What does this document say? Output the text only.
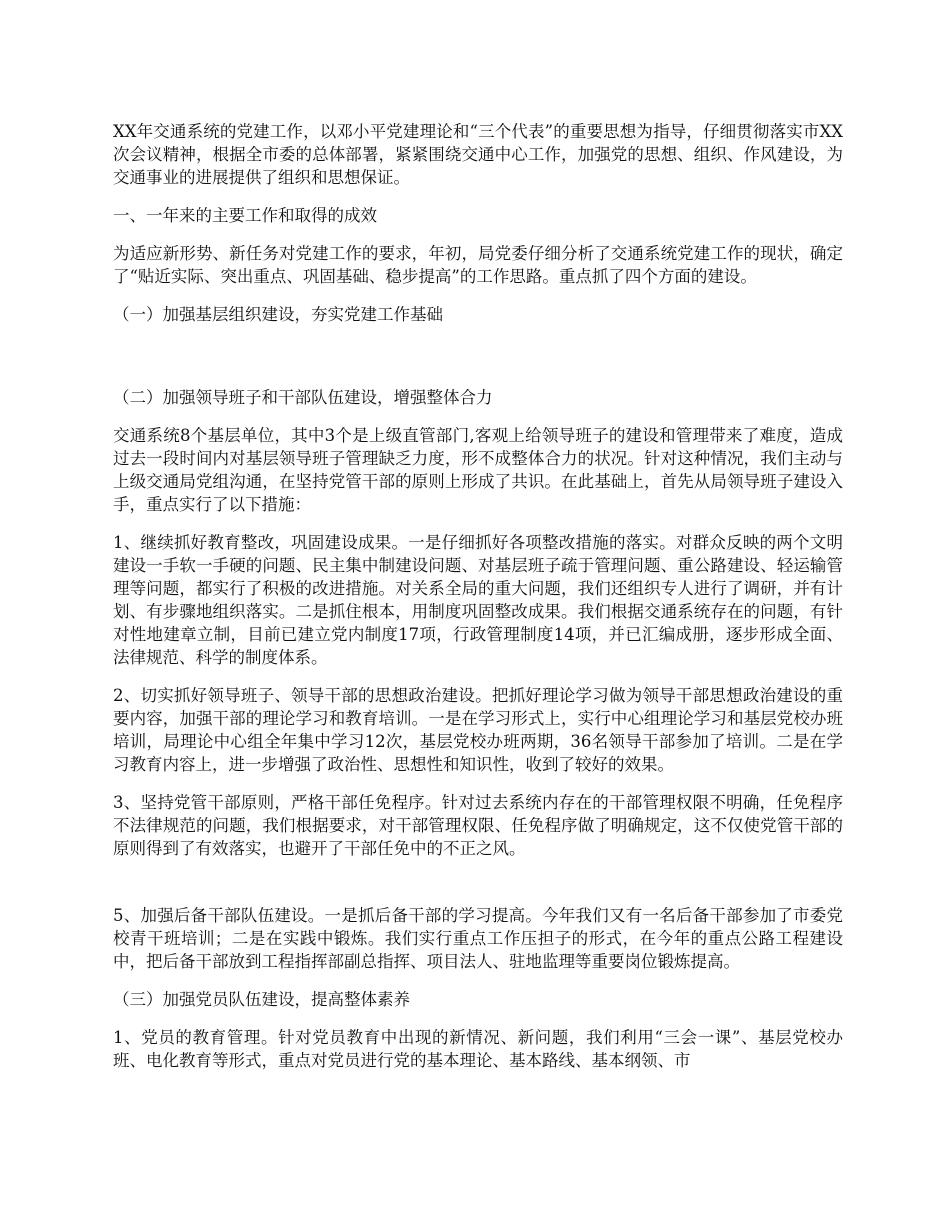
XX年交通系统的党建工作，以邓小平党建理论和“三个代表”的重要思想为指导，仔细贯彻落实市XX次会议精神，根据全市委的总体部署，紧紧围绕交通中心工作，加强党的思想、组织、作风建设，为交通事业的进展提供了组织和思想保证。

一、一年来的主要工作和取得的成效

为适应新形势、新任务对党建工作的要求，年初，局党委仔细分析了交通系统党建工作的现状，确定了“贴近实际、突出重点、巩固基础、稳步提高”的工作思路。重点抓了四个方面的建设。

（一）加强基层组织建设，夯实党建工作基础

（二）加强领导班子和干部队伍建设，增强整体合力

交通系统8个基层单位，其中3个是上级直管部门,客观上给领导班子的建设和管理带来了难度，造成过去一段时间内对基层领导班子管理缺乏力度，形不成整体合力的状况。针对这种情况，我们主动与上级交通局党组沟通，在坚持党管干部的原则上形成了共识。在此基础上，首先从局领导班子建设入手，重点实行了以下措施：

1、继续抓好教育整改，巩固建设成果。一是仔细抓好各项整改措施的落实。对群众反映的两个文明建设一手软一手硬的问题、民主集中制建设问题、对基层班子疏于管理问题、重公路建设、轻运输管理等问题，都实行了积极的改进措施。对关系全局的重大问题，我们还组织专人进行了调研，并有计划、有步骤地组织落实。二是抓住根本，用制度巩固整改成果。我们根据交通系统存在的问题，有针对性地建章立制，目前已建立党内制度17项，行政管理制度14项，并已汇编成册，逐步形成全面、法律规范、科学的制度体系。

2、切实抓好领导班子、领导干部的思想政治建设。把抓好理论学习做为领导干部思想政治建设的重要内容，加强干部的理论学习和教育培训。一是在学习形式上，实行中心组理论学习和基层党校办班培训，局理论中心组全年集中学习12次，基层党校办班两期，36名领导干部参加了培训。二是在学习教育内容上，进一步增强了政治性、思想性和知识性，收到了较好的效果。

3、坚持党管干部原则，严格干部任免程序。针对过去系统内存在的干部管理权限不明确，任免程序不法律规范的问题，我们根据要求，对干部管理权限、任免程序做了明确规定，这不仅使党管干部的原则得到了有效落实，也避开了干部任免中的不正之风。

5、加强后备干部队伍建设。一是抓后备干部的学习提高。今年我们又有一名后备干部参加了市委党校青干班培训；二是在实践中锻炼。我们实行重点工作压担子的形式，在今年的重点公路工程建设中，把后备干部放到工程指挥部副总指挥、项目法人、驻地监理等重要岗位锻炼提高。

（三）加强党员队伍建设，提高整体素养

1、党员的教育管理。针对党员教育中出现的新情况、新问题，我们利用“三会一课”、基层党校办班、电化教育等形式，重点对党员进行党的基本理论、基本路线、基本纲领、市
